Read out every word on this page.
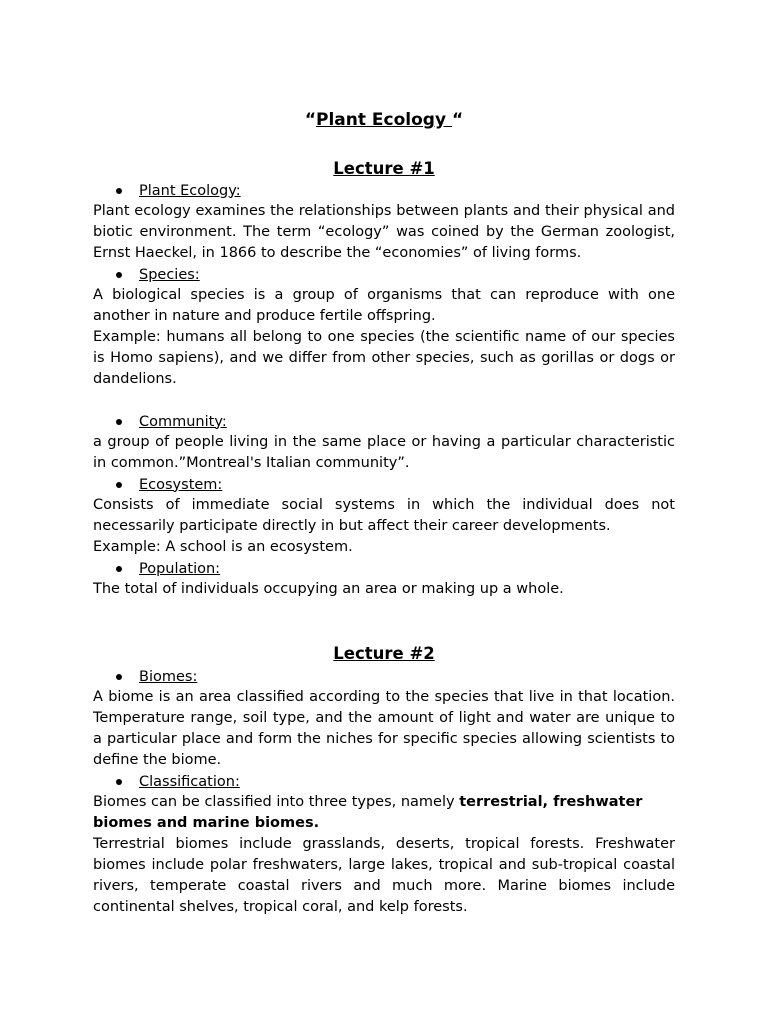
“Plant Ecology “
Lecture #1
Plant Ecology:

Plant ecology examines the relationships between plants and their physical and biotic environment. The term “ecology” was coined by the German zoologist, Ernst Haeckel, in 1866 to describe the “economies” of living forms.

Species:

A biological species is a group of organisms that can reproduce with one another in nature and produce fertile offspring.

Example: humans all belong to one species (the scientific name of our species is Homo sapiens), and we differ from other species, such as gorillas or dogs or dandelions.

Community:

a group of people living in the same place or having a particular characteristic in common.”Montreal's Italian community”.

Ecosystem:

Consists of immediate social systems in which the individual does not necessarily participate directly in but affect their career developments.

Example: A school is an ecosystem.

Population:

The total of individuals occupying an area or making up a whole.

Lecture #2
Biomes:

A biome is an area classified according to the species that live in that location. Temperature range, soil type, and the amount of light and water are unique to a particular place and form the niches for specific species allowing scientists to define the biome.

Classification:

Biomes can be classified into three types, namely terrestrial, freshwater biomes and marine biomes.

Terrestrial biomes include grasslands, deserts, tropical forests. Freshwater biomes include polar freshwaters, large lakes, tropical and sub-tropical coastal rivers, temperate coastal rivers and much more. Marine biomes include continental shelves, tropical coral, and kelp forests.
